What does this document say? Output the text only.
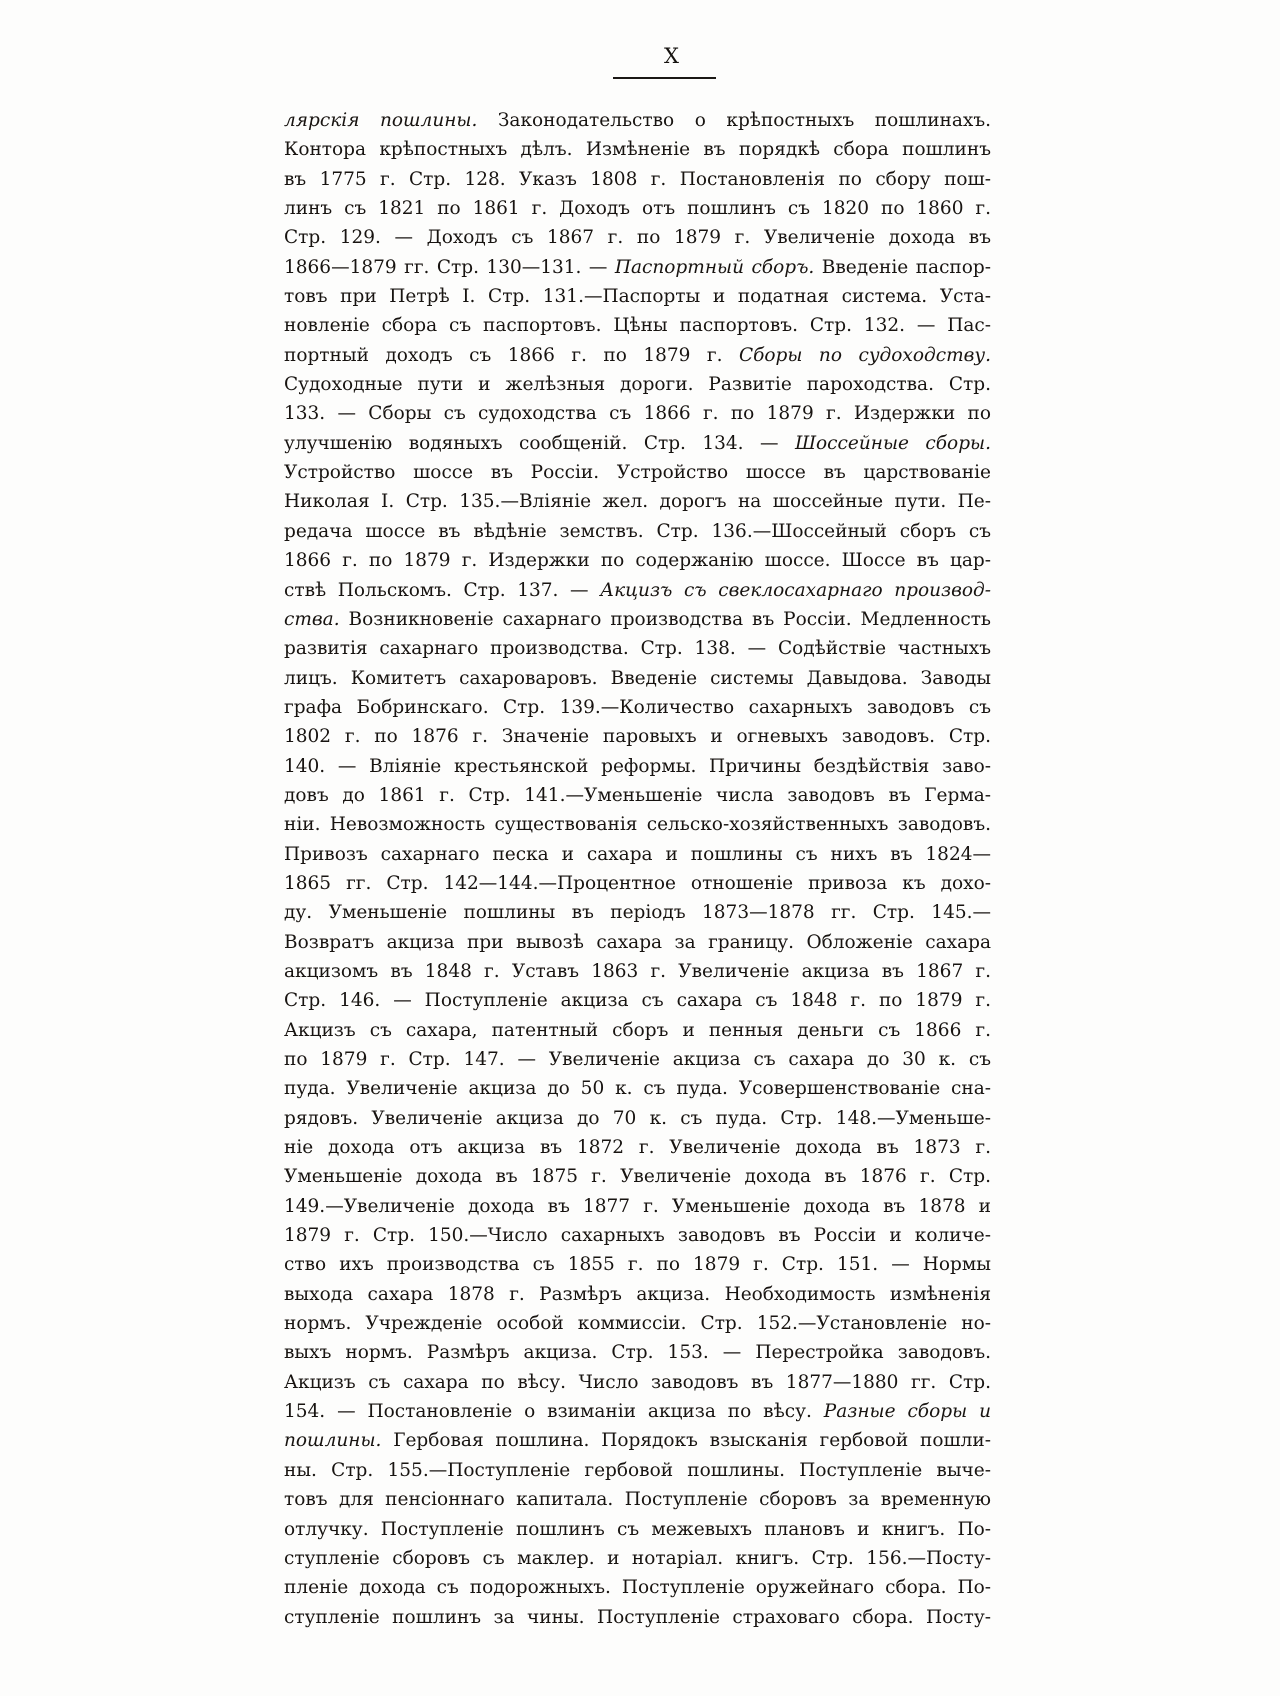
X
лярскія пошлины. Законодательство о крѣпостныхъ пошлинахъ.
Контора крѣпостныхъ дѣлъ. Измѣненіе въ порядкѣ сбора пошлинъ
въ 1775 г. Стр. 128. Указъ 1808 г. Постановленія по сбору пош-
линъ съ 1821 по 1861 г. Доходъ отъ пошлинъ съ 1820 по 1860 г.
Стр. 129. — Доходъ съ 1867 г. по 1879 г. Увеличеніе дохода въ
1866—1879 гг. Стр. 130—131. — Паспортный сборъ. Введеніе паспор-
товъ при Петрѣ I. Стр. 131.—Паспорты и податная система. Уста-
новленіе сбора съ паспортовъ. Цѣны паспортовъ. Стр. 132. — Пас-
портный доходъ съ 1866 г. по 1879 г. Сборы по судоходству.
Судоходные пути и желѣзныя дороги. Развитіе пароходства. Стр.
133. — Сборы съ судоходства съ 1866 г. по 1879 г. Издержки по
улучшенію водяныхъ сообщеній. Стр. 134. — Шоссейные сборы.
Устройство шоссе въ Россіи. Устройство шоссе въ царствованіе
Николая I. Стр. 135.—Вліяніе жел. дорогъ на шоссейные пути. Пе-
редача шоссе въ вѣдѣніе земствъ. Стр. 136.—Шоссейный сборъ съ
1866 г. по 1879 г. Издержки по содержанію шоссе. Шоссе въ цар-
ствѣ Польскомъ. Стр. 137. — Акцизъ съ свеклосахарнаго производ-
ства. Возникновеніе сахарнаго производства въ Россіи. Медленность
развитія сахарнаго производства. Стр. 138. — Содѣйствіе частныхъ
лицъ. Комитетъ сахароваровъ. Введеніе системы Давыдова. Заводы
графа Бобринскаго. Стр. 139.—Количество сахарныхъ заводовъ съ
1802 г. по 1876 г. Значеніе паровыхъ и огневыхъ заводовъ. Стр.
140. — Вліяніе крестьянской реформы. Причины бездѣйствія заво-
довъ до 1861 г. Стр. 141.—Уменьшеніе числа заводовъ въ Герма-
ніи. Невозможность существованія сельско-хозяйственныхъ заводовъ.
Привозъ сахарнаго песка и сахара и пошлины съ нихъ въ 1824—
1865 гг. Стр. 142—144.—Процентное отношеніе привоза къ дохо-
ду. Уменьшеніе пошлины въ періодъ 1873—1878 гг. Стр. 145.—
Возвратъ акциза при вывозѣ сахара за границу. Обложеніе сахара
акцизомъ въ 1848 г. Уставъ 1863 г. Увеличеніе акциза въ 1867 г.
Стр. 146. — Поступленіе акциза съ сахара съ 1848 г. по 1879 г.
Акцизъ съ сахара, патентный сборъ и пенныя деньги съ 1866 г.
по 1879 г. Стр. 147. — Увеличеніе акциза съ сахара до 30 к. съ
пуда. Увеличеніе акциза до 50 к. съ пуда. Усовершенствованіе сна-
рядовъ. Увеличеніе акциза до 70 к. съ пуда. Стр. 148.—Уменьше-
ніе дохода отъ акциза въ 1872 г. Увеличеніе дохода въ 1873 г.
Уменьшеніе дохода въ 1875 г. Увеличеніе дохода въ 1876 г. Стр.
149.—Увеличеніе дохода въ 1877 г. Уменьшеніе дохода въ 1878 и
1879 г. Стр. 150.—Число сахарныхъ заводовъ въ Россіи и количе-
ство ихъ производства съ 1855 г. по 1879 г. Стр. 151. — Нормы
выхода сахара 1878 г. Размѣръ акциза. Необходимость измѣненія
нормъ. Учрежденіе особой коммиссіи. Стр. 152.—Установленіе но-
выхъ нормъ. Размѣръ акциза. Стр. 153. — Перестройка заводовъ.
Акцизъ съ сахара по вѣсу. Число заводовъ въ 1877—1880 гг. Стр.
154. — Постановленіе о взиманіи акциза по вѣсу. Разные сборы и
пошлины. Гербовая пошлина. Порядокъ взысканія гербовой пошли-
ны. Стр. 155.—Поступленіе гербовой пошлины. Поступленіе выче-
товъ для пенсіоннаго капитала. Поступленіе сборовъ за временную
отлучку. Поступленіе пошлинъ съ межевыхъ плановъ и книгъ. По-
ступленіе сборовъ съ маклер. и нотаріал. книгъ. Стр. 156.—Посту-
пленіе дохода съ подорожныхъ. Поступленіе оружейнаго сбора. По-
ступленіе пошлинъ за чины. Поступленіе страховаго сбора. Посту-
